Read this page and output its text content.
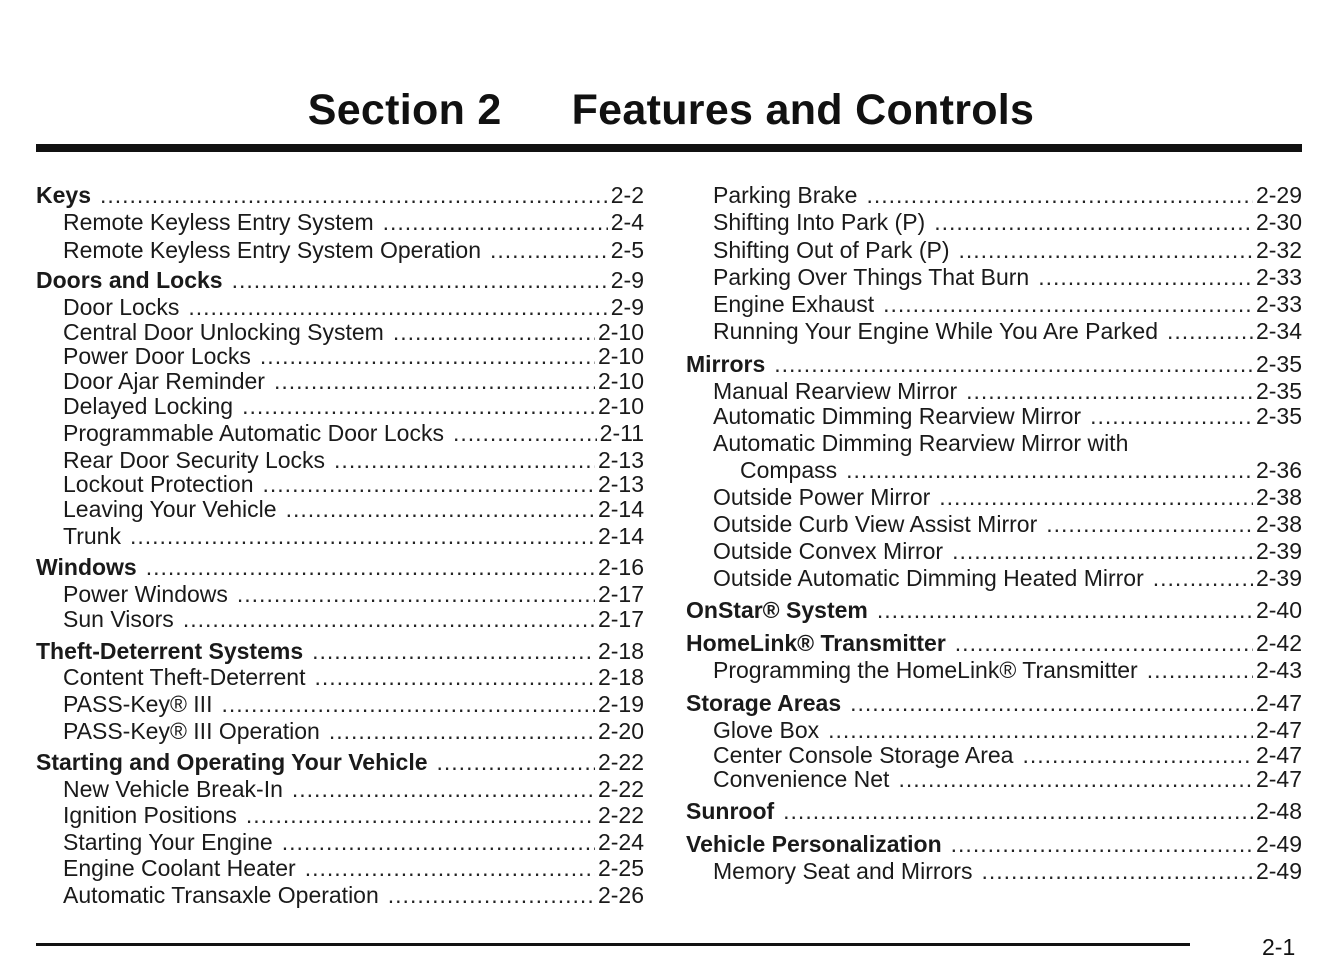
Section 2 Features and Controls
Keys .....	2-2
Remote Keyless Entry System .....	2-4
Remote Keyless Entry System Operation .....	2-5
Doors and Locks .....	2-9
Door Locks .....	2-9
Central Door Unlocking System .....	2-10
Power Door Locks .....	2-10
Door Ajar Reminder .....	2-10
Delayed Locking .....	2-10
Programmable Automatic Door Locks .....	2-11
Rear Door Security Locks .....	2-13
Lockout Protection .....	2-13
Leaving Your Vehicle .....	2-14
Trunk .....	2-14
Windows .....	2-16
Power Windows .....	2-17
Sun Visors .....	2-17
Theft-Deterrent Systems .....	2-18
Content Theft-Deterrent .....	2-18
PASS-Key® III .....	2-19
PASS-Key® III Operation .....	2-20
Starting and Operating Your Vehicle .....	2-22
New Vehicle Break-In .....	2-22
Ignition Positions .....	2-22
Starting Your Engine .....	2-24
Engine Coolant Heater .....	2-25
Automatic Transaxle Operation .....	2-26
Parking Brake .....	2-29
Shifting Into Park (P) .....	2-30
Shifting Out of Park (P) .....	2-32
Parking Over Things That Burn .....	2-33
Engine Exhaust .....	2-33
Running Your Engine While You Are Parked .....	2-34
Mirrors .....	2-35
Manual Rearview Mirror .....	2-35
Automatic Dimming Rearview Mirror .....	2-35
Automatic Dimming Rearview Mirror with
Compass .....	2-36
Outside Power Mirror .....	2-38
Outside Curb View Assist Mirror .....	2-38
Outside Convex Mirror .....	2-39
Outside Automatic Dimming Heated Mirror .....	2-39
OnStar® System .....	2-40
HomeLink® Transmitter .....	2-42
Programming the HomeLink® Transmitter .....	2-43
Storage Areas .....	2-47
Glove Box .....	2-47
Center Console Storage Area .....	2-47
Convenience Net .....	2-47
Sunroof .....	2-48
Vehicle Personalization .....	2-49
Memory Seat and Mirrors .....	2-49
2-1
